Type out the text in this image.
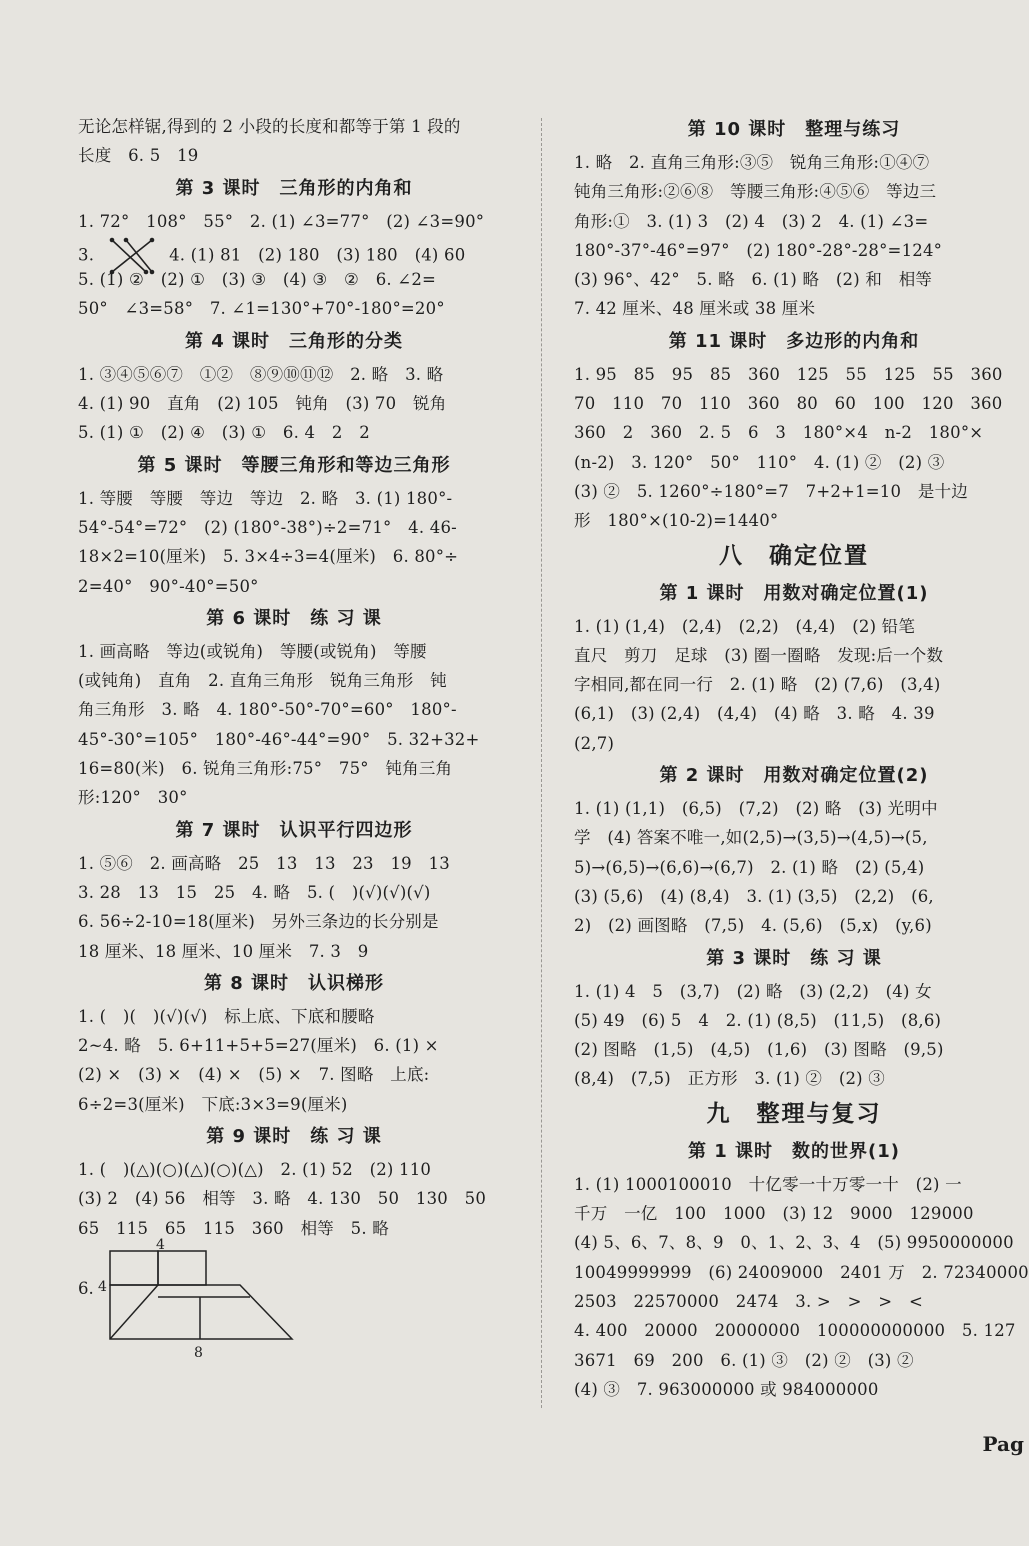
无论怎样锯,得到的 2 小段的长度和都等于第 1 段的
长度　6. 5　19
第 3 课时　三角形的内角和
1. 72°　108°　55°　2. (1) ∠3=77°　(2) ∠3=90°
3.	4. (1) 81　(2) 180　(3) 180　(4) 60
5. (1) ②　(2) ①　(3) ③　(4) ③　②　6. ∠2=
50°　∠3=58°　7. ∠1=130°+70°-180°=20°
第 4 课时　三角形的分类
1. ③④⑤⑥⑦　①②　⑧⑨⑩⑪⑫　2. 略　3. 略
4. (1) 90　直角　(2) 105　钝角　(3) 70　锐角
5. (1) ①　(2) ④　(3) ①　6. 4　2　2
第 5 课时　等腰三角形和等边三角形
1. 等腰　等腰　等边　等边　2. 略　3. (1) 180°-
54°-54°=72°　(2) (180°-38°)÷2=71°　4. 46-
18×2=10(厘米)　5. 3×4÷3=4(厘米)　6. 80°÷
2=40°　90°-40°=50°
第 6 课时　练 习 课
1. 画高略　等边(或锐角)　等腰(或锐角)　等腰
(或钝角)　直角　2. 直角三角形　锐角三角形　钝
角三角形　3. 略　4. 180°-50°-70°=60°　180°-
45°-30°=105°　180°-46°-44°=90°　5. 32+32+
16=80(米)　6. 锐角三角形:75°　75°　钝角三角
形:120°　30°
第 7 课时　认识平行四边形
1. ⑤⑥　2. 画高略　25　13　13　23　19　13
3. 28　13　15　25　4. 略　5. (　)(√)(√)(√)
6. 56÷2-10=18(厘米)　另外三条边的长分别是
18 厘米、18 厘米、10 厘米　7. 3　9
第 8 课时　认识梯形
1. (　)(　)(√)(√)　标上底、下底和腰略
2~4. 略　5. 6+11+5+5=27(厘米)　6. (1) ×
(2) ×　(3) ×　(4) ×　(5) ×　7. 图略　上底:
6÷2=3(厘米)　下底:3×3=9(厘米)
第 9 课时　练 习 课
1. (　)(△)(○)(△)(○)(△)　2. (1) 52　(2) 110
(3) 2　(4) 56　相等　3. 略　4. 130　50　130　50
65　115　65　115　360　相等　5. 略
6.
4
4
8
第 10 课时　整理与练习
1. 略　2. 直角三角形:③⑤　锐角三角形:①④⑦
钝角三角形:②⑥⑧　等腰三角形:④⑤⑥　等边三
角形:①　3. (1) 3　(2) 4　(3) 2　4. (1) ∠3=
180°-37°-46°=97°　(2) 180°-28°-28°=124°
(3) 96°、42°　5. 略　6. (1) 略　(2) 和　相等
7. 42 厘米、48 厘米或 38 厘米
第 11 课时　多边形的内角和
1. 95　85　95　85　360　125　55　125　55　360
70　110　70　110　360　80　60　100　120　360
360　2　360　2. 5　6　3　180°×4　n-2　180°×
(n-2)　3. 120°　50°　110°　4. (1) ②　(2) ③
(3) ②　5. 1260°÷180°=7　7+2+1=10　是十边
形　180°×(10-2)=1440°
八　确定位置
第 1 课时　用数对确定位置(1)
1. (1) (1,4)　(2,4)　(2,2)　(4,4)　(2) 铅笔
直尺　剪刀　足球　(3) 圈一圈略　发现:后一个数
字相同,都在同一行　2. (1) 略　(2) (7,6)　(3,4)
(6,1)　(3) (2,4)　(4,4)　(4) 略　3. 略　4. 39
(2,7)
第 2 课时　用数对确定位置(2)
1. (1) (1,1)　(6,5)　(7,2)　(2) 略　(3) 光明中
学　(4) 答案不唯一,如(2,5)→(3,5)→(4,5)→(5,
5)→(6,5)→(6,6)→(6,7)　2. (1) 略　(2) (5,4)
(3) (5,6)　(4) (8,4)　3. (1) (3,5)　(2,2)　(6,
2)　(2) 画图略　(7,5)　4. (5,6)　(5,x)　(y,6)
第 3 课时　练 习 课
1. (1) 4　5　(3,7)　(2) 略　(3) (2,2)　(4) 女
(5) 49　(6) 5　4　2. (1) (8,5)　(11,5)　(8,6)
(2) 图略　(1,5)　(4,5)　(1,6)　(3) 图略　(9,5)
(8,4)　(7,5)　正方形　3. (1) ②　(2) ③
九　整理与复习
第 1 课时　数的世界(1)
1. (1) 1000100010　十亿零一十万零一十　(2) 一
千万　一亿　100　1000　(3) 12　9000　129000
(4) 5、6、7、8、9　0、1、2、3、4　(5) 9950000000
10049999999　(6) 24009000　2401 万　2. 72340000
2503　22570000　2474　3. >　>　>　<
4. 400　20000　20000000　100000000000　5. 127
3671　69　200　6. (1) ③　(2) ②　(3) ②
(4) ③　7. 963000000 或 984000000
Pag
